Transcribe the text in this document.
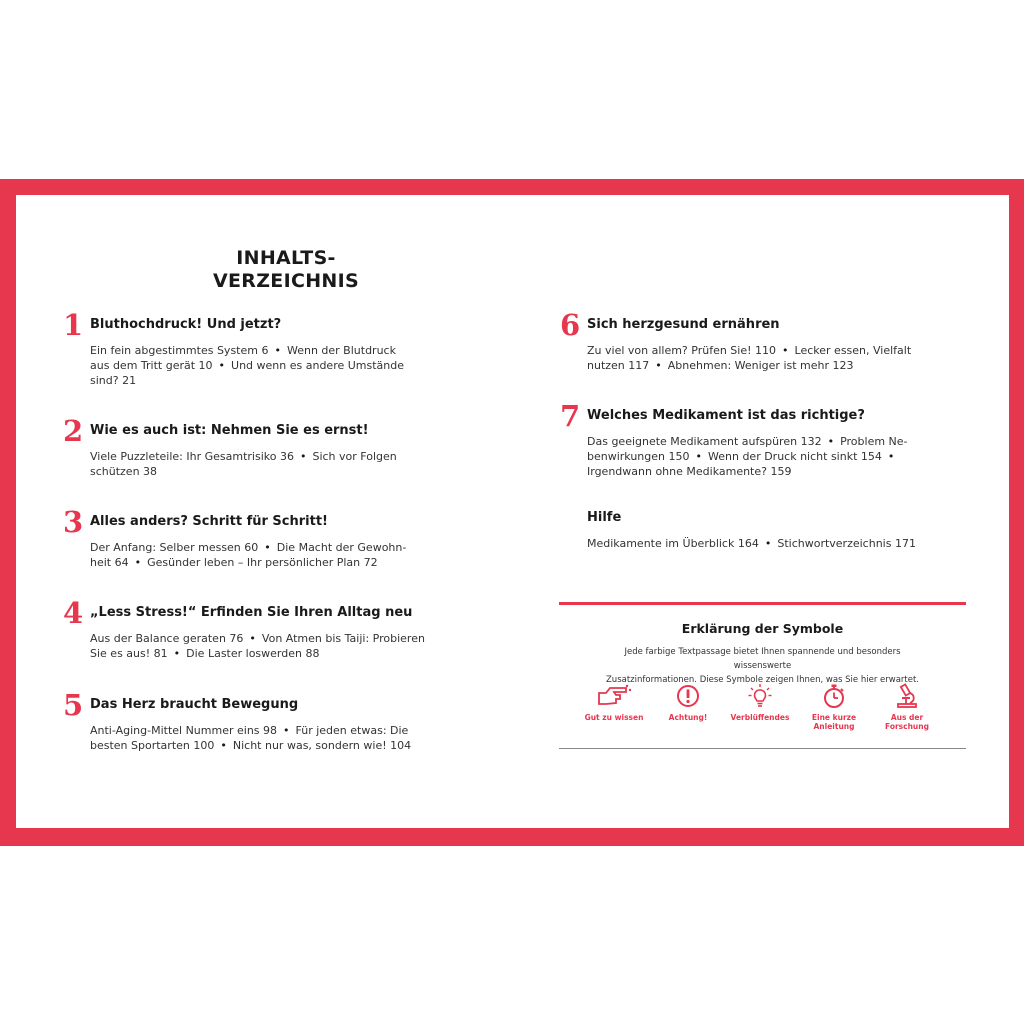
INHALTS-
VERZEICHNIS
1 Bluthochdruck! Und jetzt?
Ein fein abgestimmtes System 6 • Wenn der Blutdruck
aus dem Tritt gerät 10 • Und wenn es andere Umstände
sind? 21
2 Wie es auch ist: Nehmen Sie es ernst!
Viele Puzzleteile: Ihr Gesamtrisiko 36 • Sich vor Folgen
schützen 38
3 Alles anders? Schritt für Schritt!
Der Anfang: Selber messen 60 • Die Macht der Gewohn-
heit 64 • Gesünder leben – Ihr persönlicher Plan 72
4 „Less Stress!“ Erfinden Sie Ihren Alltag neu
Aus der Balance geraten 76 • Von Atmen bis Taiji: Probieren
Sie es aus! 81 • Die Laster loswerden 88
5 Das Herz braucht Bewegung
Anti-Aging-Mittel Nummer eins 98 • Für jeden etwas: Die
besten Sportarten 100 • Nicht nur was, sondern wie! 104
6 Sich herzgesund ernähren
Zu viel von allem? Prüfen Sie! 110 • Lecker essen, Vielfalt
nutzen 117 • Abnehmen: Weniger ist mehr 123
7 Welches Medikament ist das richtige?
Das geeignete Medikament aufspüren 132 • Problem Ne-
benwirkungen 150 • Wenn der Druck nicht sinkt 154 •
Irgendwann ohne Medikamente? 159
Hilfe
Medikamente im Überblick 164 • Stichwortverzeichnis 171
Erklärung der Symbole
Jede farbige Textpassage bietet Ihnen spannende und besonders wissenswerte
Zusatzinformationen. Diese Symbole zeigen Ihnen, was Sie hier erwartet.
Gut zu wissen	Achtung!	Verblüffendes	Eine kurze
Anleitung
Aus der
Forschung
